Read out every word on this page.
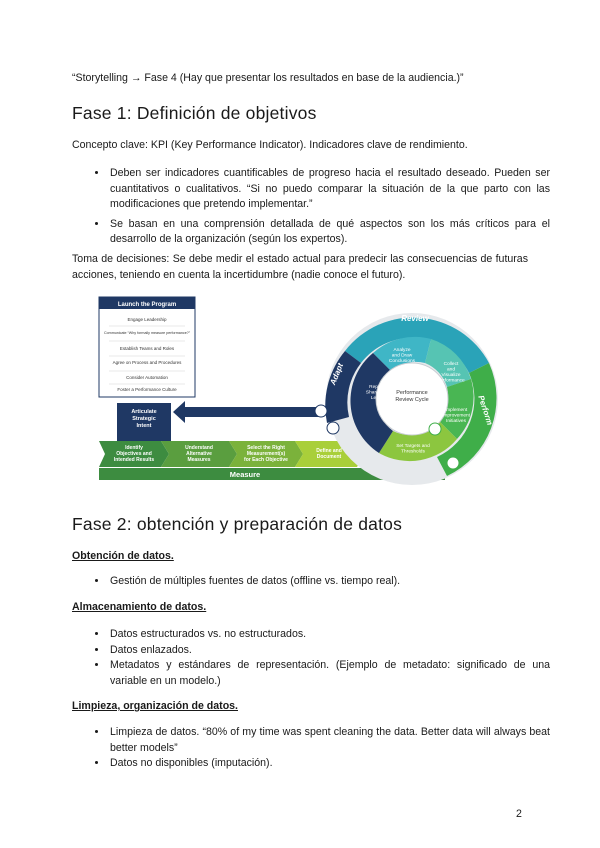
“Storytelling → Fase 4 (Hay que presentar los resultados en base de la audiencia.)”

Fase 1: Definición de objetivos

Concepto clave: KPI (Key Performance Indicator). Indicadores clave de rendimiento.

• Deben ser indicadores cuantificables de progreso hacia el resultado deseado. Pueden ser cuantitativos o cualitativos. “Si no puedo comparar la situación de la que parto con las modificaciones que pretendo implementar.”
• Se basan en una comprensión detallada de qué aspectos son los más críticos para el desarrollo de la organización (según los expertos).

Toma de decisiones: Se debe medir el estado actual para predecir las consecuencias de futuras acciones, teniendo en cuenta la incertidumbre (nadie conoce el futuro).

Launch the Program
Engage Leadership
Communicate “Why formally measure performance?”
Establish Teams and Roles
Agree on Process and Procedures
Consider Automation
Foster a Performance Culture
Articulate Strategic Intent
Identify Objectives and Intended Results
Understand Alternative Measures
Select the Right Measurement(s) for Each Objective
Define and Document
Measure
Review
Perform
Adapt
Performance Review Cycle
Analyze and Draw Conclusions
Collect and Visualize Performance
Implement Improvement Initiatives
Set Targets and Thresholds
Report, Share and Learn
Fase 2: obtención y preparación de datos

Obtención de datos.

• Gestión de múltiples fuentes de datos (offline vs. tiempo real).

Almacenamiento de datos.

• Datos estructurados vs. no estructurados.
• Datos enlazados.
• Metadatos y estándares de representación. (Ejemplo de metadato: significado de una variable en un modelo.)

Limpieza, organización de datos.

• Limpieza de datos. “80% of my time was spent cleaning the data. Better data will always beat better models”
• Datos no disponibles (imputación).

2
